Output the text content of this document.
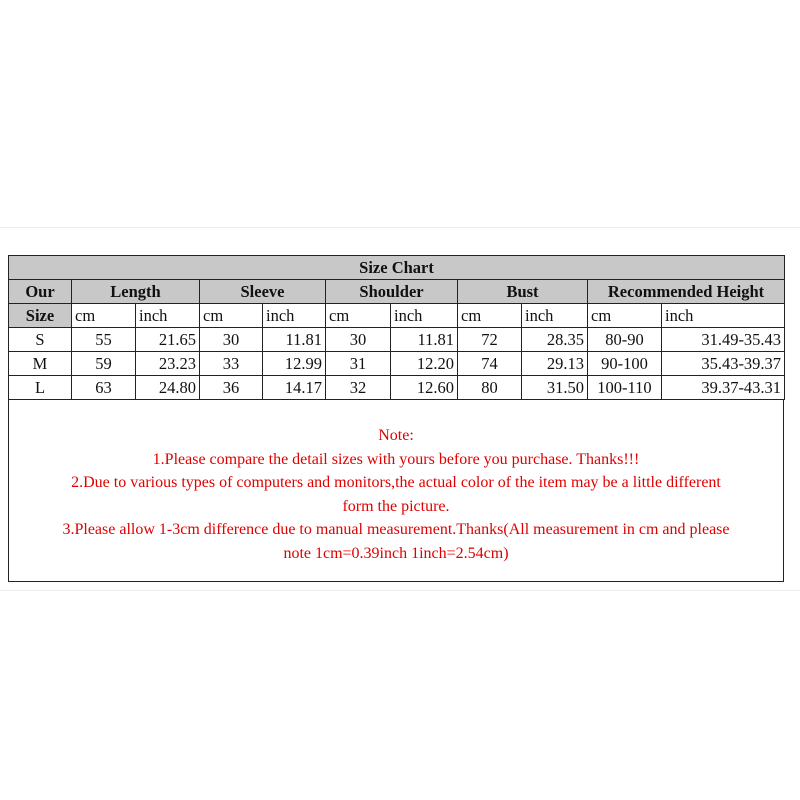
Size Chart										
Our	Length		Sleeve		Shoulder		Bust		Recommended Height	
Size	cm	inch	cm	inch	cm	inch	cm	inch	cm	inch
S	55	21.65	30	11.81	30	11.81	72	28.35	80-90	31.49-35.43
M	59	23.23	33	12.99	31	12.20	74	29.13	90-100	35.43-39.37
L	63	24.80	36	14.17	32	12.60	80	31.50	100-110	39.37-43.31
Note:
1.Please compare the detail sizes with yours before you purchase. Thanks!!!
2.Due to various types of computers and monitors,the actual color of the item may be a little different
form the picture.
3.Please allow 1-3cm difference due to manual measurement.Thanks(All measurement in cm and please
note 1cm=0.39inch 1inch=2.54cm)
